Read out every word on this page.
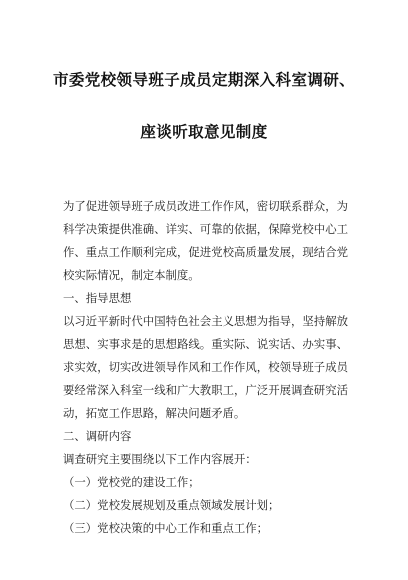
市委党校领导班子成员定期深入科室调研、
座谈听取意见制度
为了促进领导班子成员改进工作作风，密切联系群众，为
科学决策提供准确、详实、可靠的依据，保障党校中心工
作、重点工作顺利完成，促进党校高质量发展，现结合党
校实际情况，制定本制度。
一、指导思想
以习近平新时代中国特色社会主义思想为指导，坚持解放
思想、实事求是的思想路线。重实际、说实话、办实事、
求实效，切实改进领导作风和工作作风，校领导班子成员
要经常深入科室一线和广大教职工，广泛开展调查研究活
动，拓宽工作思路，解决问题矛盾。
二、调研内容
调查研究主要围绕以下工作内容展开：
（一）党校党的建设工作；
（二）党校发展规划及重点领域发展计划；
（三）党校决策的中心工作和重点工作；
